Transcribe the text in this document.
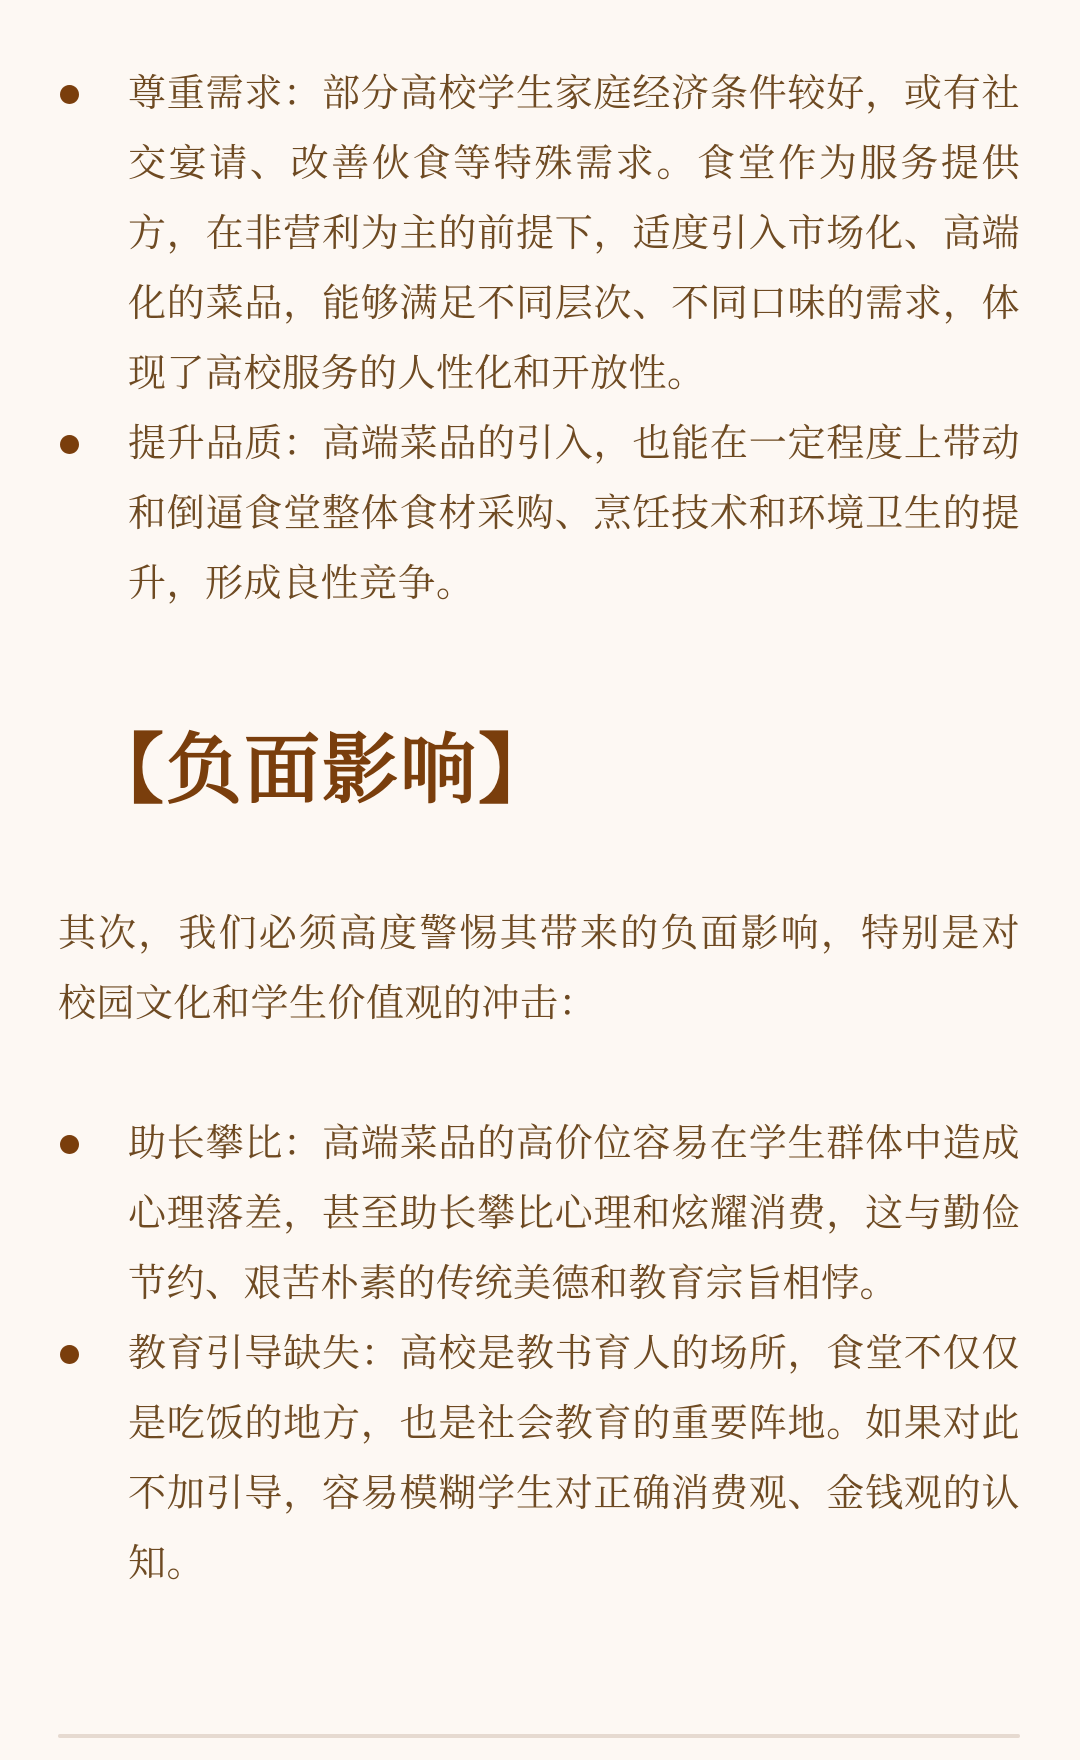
尊重需求：部分高校学生家庭经济条件较好，或有社交宴请、改善伙食等特殊需求。食堂作为服务提供方，在非营利为主的前提下，适度引入市场化、高端化的菜品，能够满足不同层次、不同口味的需求，体现了高校服务的人性化和开放性。
提升品质：高端菜品的引入，也能在一定程度上带动和倒逼食堂整体食材采购、烹饪技术和环境卫生的提升，形成良性竞争。
【负面影响】

其次，我们必须高度警惕其带来的负面影响，特别是对校园文化和学生价值观的冲击：

助长攀比：高端菜品的高价位容易在学生群体中造成心理落差，甚至助长攀比心理和炫耀消费，这与勤俭节约、艰苦朴素的传统美德和教育宗旨相悖。
教育引导缺失：高校是教书育人的场所，食堂不仅仅是吃饭的地方，也是社会教育的重要阵地。如果对此不加引导，容易模糊学生对正确消费观、金钱观的认知。
